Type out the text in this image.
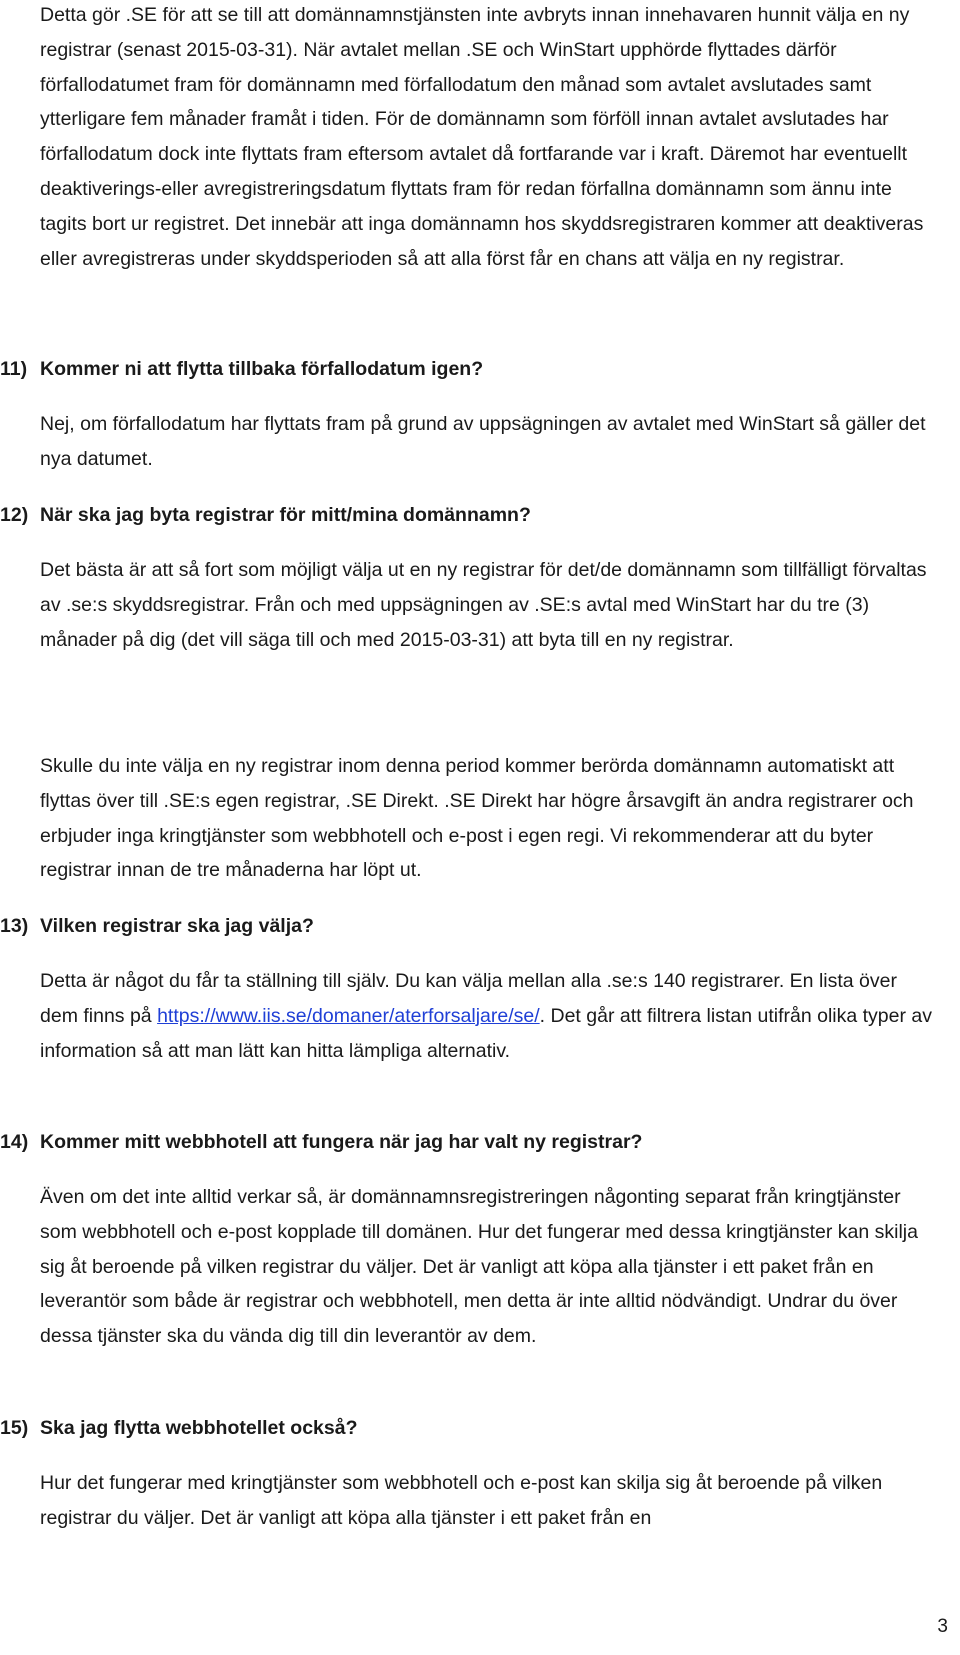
Detta gör .SE för att se till att domännamnstjänsten inte avbryts innan innehavaren hunnit välja en ny registrar (senast 2015-03-31). När avtalet mellan .SE och WinStart upphörde flyttades därför förfallodatumet fram för domännamn med förfallodatum den månad som avtalet avslutades samt ytterligare fem månader framåt i tiden. För de domännamn som förföll innan avtalet avslutades har förfallodatum dock inte flyttats fram eftersom avtalet då fortfarande var i kraft. Däremot har eventuellt deaktiverings-eller avregistreringsdatum flyttats fram för redan förfallna domännamn som ännu inte tagits bort ur registret. Det innebär att inga domännamn hos skyddsregistraren kommer att deaktiveras eller avregistreras under skyddsperioden så att alla först får en chans att välja en ny registrar.

11) Kommer ni att flytta tillbaka förfallodatum igen?

Nej, om förfallodatum har flyttats fram på grund av uppsägningen av avtalet med WinStart så gäller det nya datumet.

12) När ska jag byta registrar för mitt/mina domännamn?

Det bästa är att så fort som möjligt välja ut en ny registrar för det/de domännamn som tillfälligt förvaltas av .se:s skyddsregistrar. Från och med uppsägningen av .SE:s avtal med WinStart har du tre (3) månader på dig (det vill säga till och med 2015-03-31) att byta till en ny registrar.

Skulle du inte välja en ny registrar inom denna period kommer berörda domännamn automatiskt att flyttas över till .SE:s egen registrar, .SE Direkt. .SE Direkt har högre årsavgift än andra registrarer och erbjuder inga kringtjänster som webbhotell och e-post i egen regi. Vi rekommenderar att du byter registrar innan de tre månaderna har löpt ut.

13) Vilken registrar ska jag välja?

Detta är något du får ta ställning till själv. Du kan välja mellan alla .se:s 140 registrarer. En lista över dem finns på https://www.iis.se/domaner/aterforsaljare/se/. Det går att filtrera listan utifrån olika typer av information så att man lätt kan hitta lämpliga alternativ.

14) Kommer mitt webbhotell att fungera när jag har valt ny registrar?

Även om det inte alltid verkar så, är domännamnsregistreringen någonting separat från kringtjänster som webbhotell och e-post kopplade till domänen. Hur det fungerar med dessa kringtjänster kan skilja sig åt beroende på vilken registrar du väljer. Det är vanligt att köpa alla tjänster i ett paket från en leverantör som både är registrar och webbhotell, men detta är inte alltid nödvändigt. Undrar du över dessa tjänster ska du vända dig till din leverantör av dem.

15) Ska jag flytta webbhotellet också?

Hur det fungerar med kringtjänster som webbhotell och e-post kan skilja sig åt beroende på vilken registrar du väljer. Det är vanligt att köpa alla tjänster i ett paket från en

3
